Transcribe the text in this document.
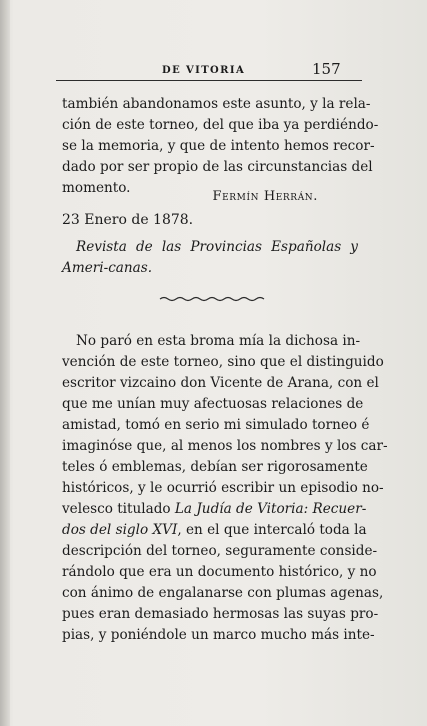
DE VITORIA	157
también abandonamos este asunto, y la rela-
ción de este torneo, del que iba ya perdiéndo-
se la memoria, y que de intento hemos recor-
dado por ser propio de las circunstancias del
momento.
Fermín Herrán.
23 Enero de 1878.
Revista de las Provincias Españolas y Ameri-canas.
No paró en esta broma mía la dichosa in-
vención de este torneo, sino que el distinguido
escritor vizcaino don Vicente de Arana, con el
que me unían muy afectuosas relaciones de
amistad, tomó en serio mi simulado torneo é
imaginóse que, al menos los nombres y los car-
teles ó emblemas, debían ser rigorosamente
históricos, y le ocurrió escribir un episodio no-
velesco titulado La Judía de Vitoria: Recuer-
dos del siglo XVI, en el que intercaló toda la
descripción del torneo, seguramente conside-
rándolo que era un documento histórico, y no
con ánimo de engalanarse con plumas agenas,
pues eran demasiado hermosas las suyas pro-
pias, y poniéndole un marco mucho más inte-
